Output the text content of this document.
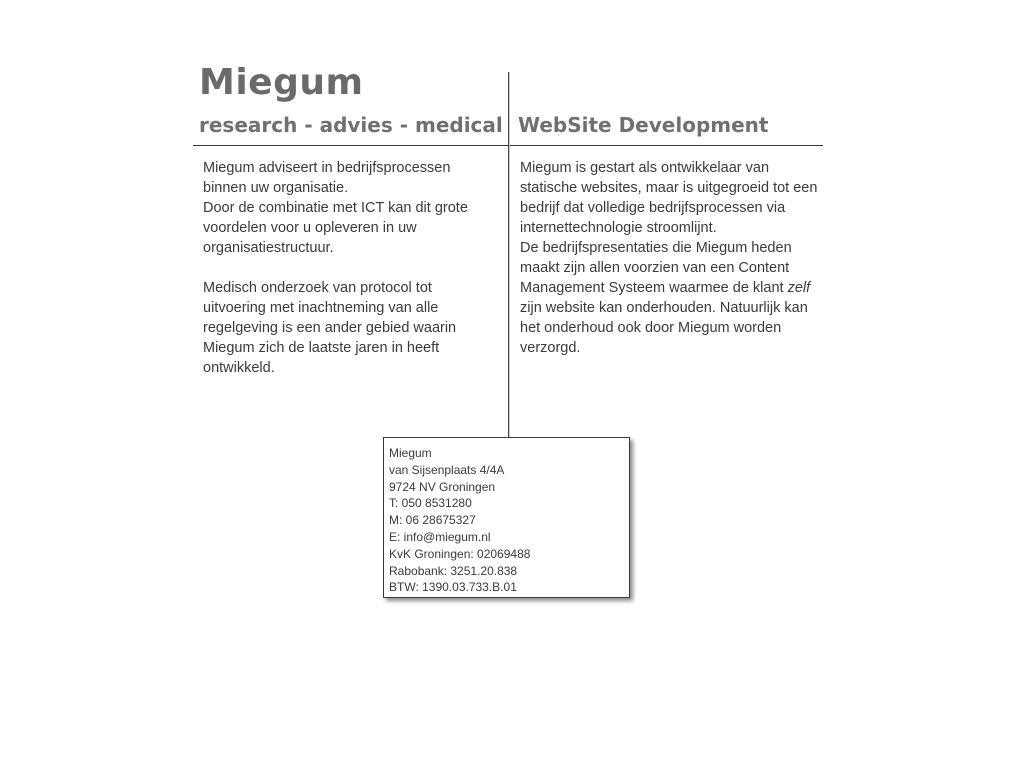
Miegum
research - advies - medical WebSite Development

Miegum adviseert in bedrijfsprocessen

binnen uw organisatie.

Door de combinatie met ICT kan dit grote

voordelen voor u opleveren in uw

organisatiestructuur.

Medisch onderzoek van protocol tot

uitvoering met inachtneming van alle

regelgeving is een ander gebied waarin

Miegum zich de laatste jaren in heeft

ontwikkeld.

Miegum is gestart als ontwikkelaar van

statische websites, maar is uitgegroeid tot een

bedrijf dat volledige bedrijfsprocessen via

internettechnologie stroomlijnt.

De bedrijfspresentaties die Miegum heden

maakt zijn allen voorzien van een Content

Management Systeem waarmee de klant zelf

zijn website kan onderhouden. Natuurlijk kan

het onderhoud ook door Miegum worden

verzorgd.

Miegum
van Sijsenplaats 4/4A
9724 NV Groningen
T: 050 8531280
M: 06 28675327
E: info@miegum.nl
KvK Groningen: 02069488
Rabobank: 3251.20.838
BTW: 1390.03.733.B.01
